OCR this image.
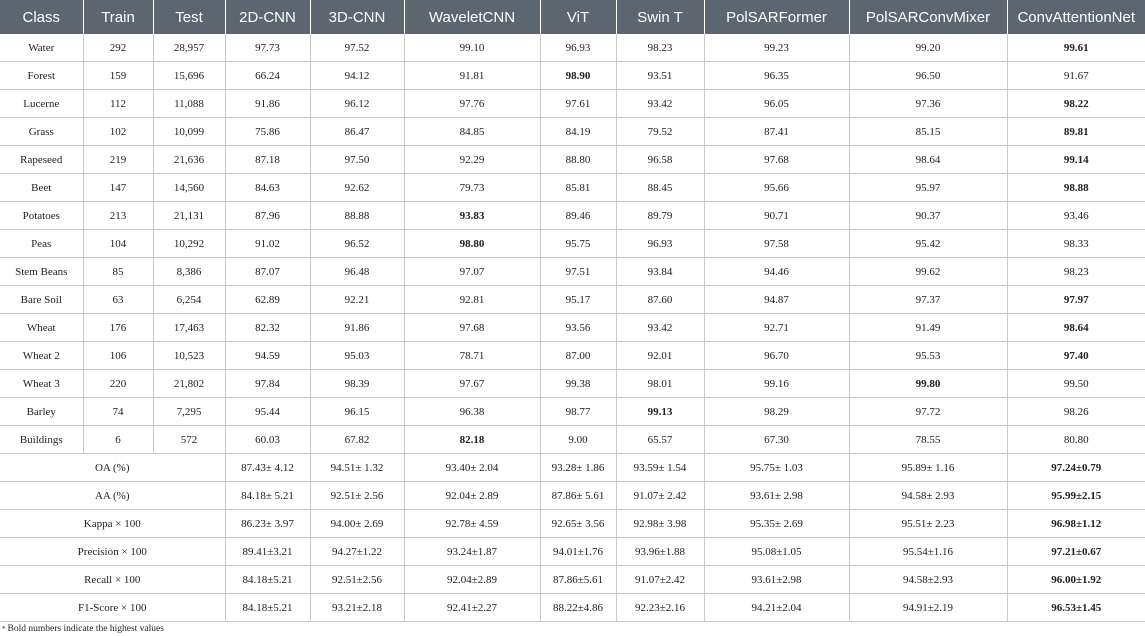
Class	Train	Test	2D-CNN	3D-CNN	WaveletCNN	ViT	Swin T	PolSARFormer	PolSARConvMixer	ConvAttentionNet
Water	292	28,957	97.73	97.52	99.10	96.93	98.23	99.23	99.20	99.61
Forest	159	15,696	66.24	94.12	91.81	98.90	93.51	96.35	96.50	91.67
Lucerne	112	11,088	91.86	96.12	97.76	97.61	93.42	96.05	97.36	98.22
Grass	102	10,099	75.86	86.47	84.85	84.19	79.52	87.41	85.15	89.81
Rapeseed	219	21,636	87.18	97.50	92.29	88.80	96.58	97.68	98.64	99.14
Beet	147	14,560	84.63	92.62	79.73	85.81	88.45	95.66	95.97	98.88
Potatoes	213	21,131	87.96	88.88	93.83	89.46	89.79	90.71	90.37	93.46
Peas	104	10,292	91.02	96.52	98.80	95.75	96.93	97.58	95.42	98.33
Stem Beans	85	8,386	87.07	96.48	97.07	97.51	93.84	94.46	99.62	98.23
Bare Soil	63	6,254	62.89	92.21	92.81	95.17	87.60	94.87	97.37	97.97
Wheat	176	17,463	82.32	91.86	97.68	93.56	93.42	92.71	91.49	98.64
Wheat 2	106	10,523	94.59	95.03	78.71	87.00	92.01	96.70	95.53	97.40
Wheat 3	220	21,802	97.84	98.39	97.67	99.38	98.01	99.16	99.80	99.50
Barley	74	7,295	95.44	96.15	96.38	98.77	99.13	98.29	97.72	98.26
Buildings	6	572	60.03	67.82	82.18	9.00	65.57	67.30	78.55	80.80
OA (%)			87.43± 4.12	94.51± 1.32	93.40± 2.04	93.28± 1.86	93.59± 1.54	95.75± 1.03	95.89± 1.16	97.24±0.79
AA (%)			84.18± 5.21	92.51± 2.56	92.04± 2.89	87.86± 5.61	91.07± 2.42	93.61± 2.98	94.58± 2.93	95.99±2.15
Kappa × 100			86.23± 3.97	94.00± 2.69	92.78± 4.59	92.65± 3.56	92.98± 3.98	95.35± 2.69	95.51± 2.23	96.98±1.12
Precision × 100			89.41±3.21	94.27±1.22	93.24±1.87	94.01±1.76	93.96±1.88	95.08±1.05	95.54±1.16	97.21±0.67
Recall × 100			84.18±5.21	92.51±2.56	92.04±2.89	87.86±5.61	91.07±2.42	93.61±2.98	94.58±2.93	96.00±1.92
F1-Score × 100			84.18±5.21	93.21±2.18	92.41±2.27	88.22±4.86	92.23±2.16	94.21±2.04	94.91±2.19	96.53±1.45
* Bold numbers indicate the highest values
